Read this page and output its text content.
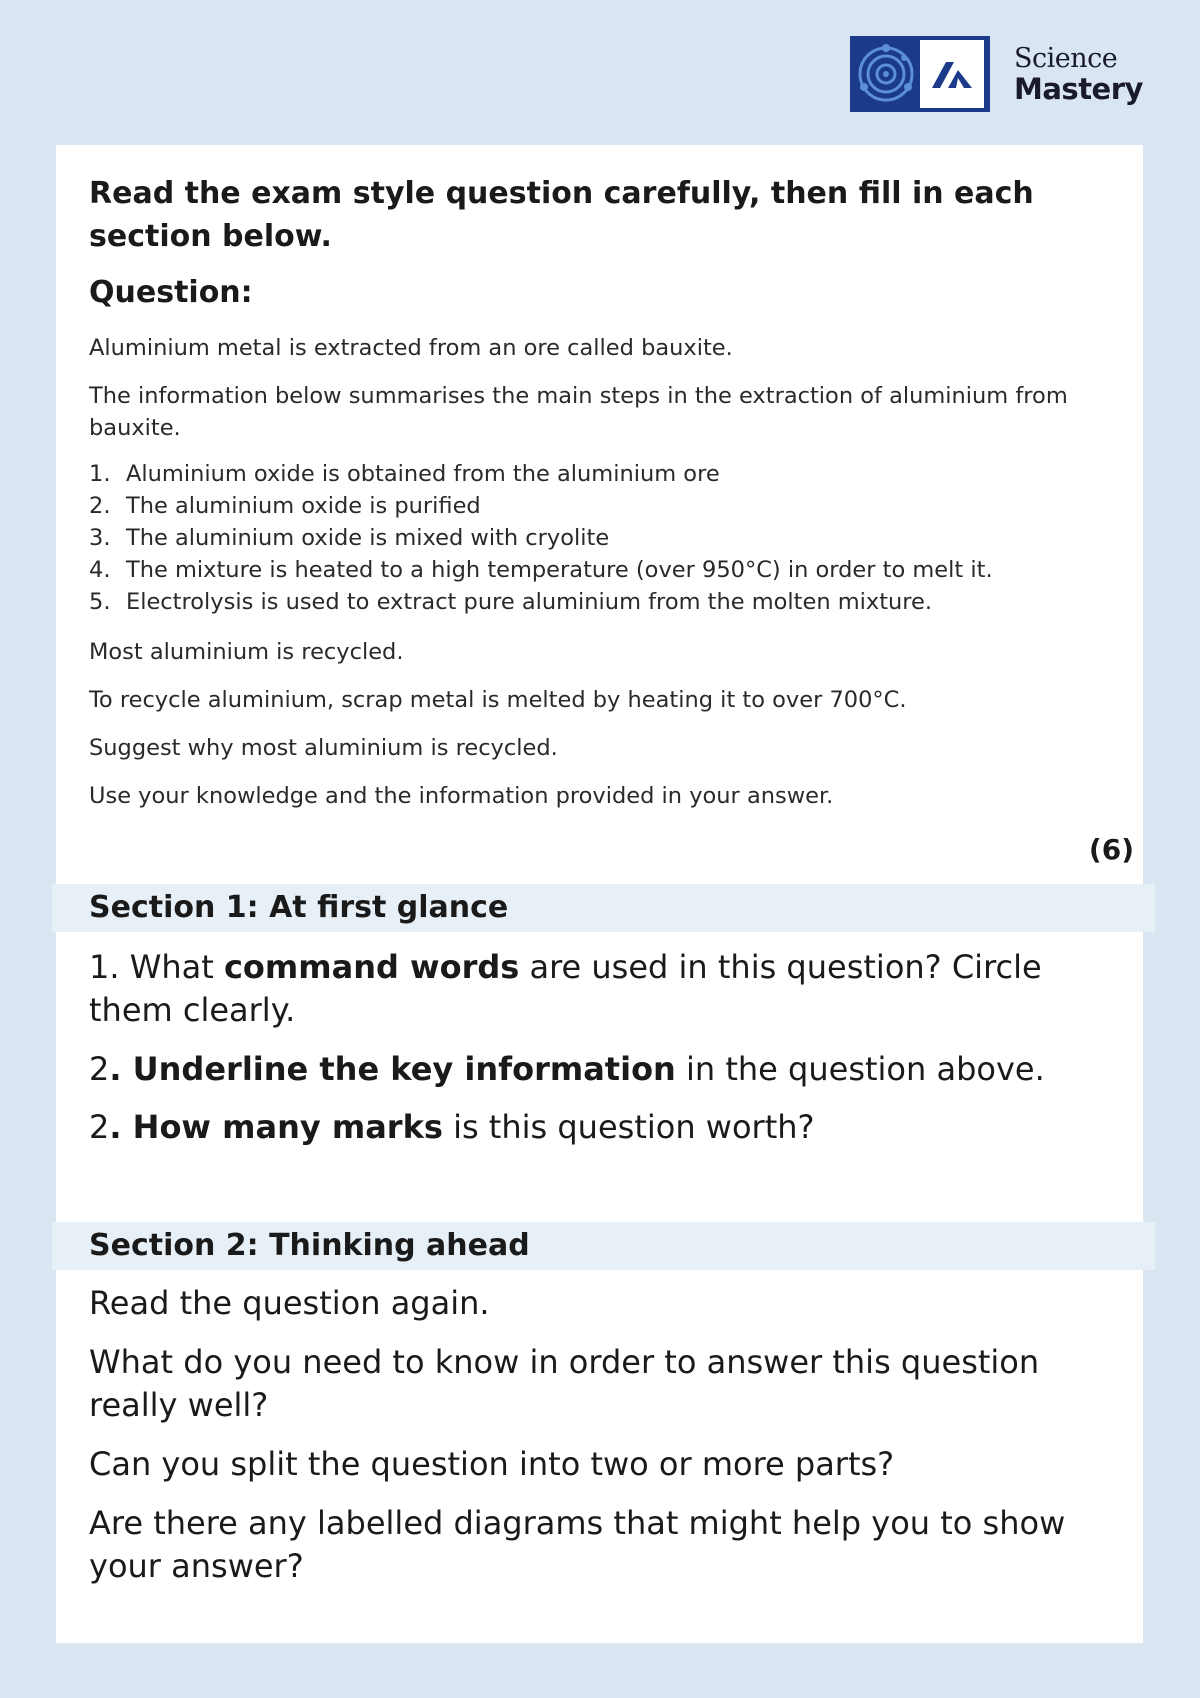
Science
Mastery
Read the exam style question carefully, then fill in each section below.
Question:

Aluminium metal is extracted from an ore called bauxite.

The information below summarises the main steps in the extraction of aluminium from bauxite.

1. Aluminium oxide is obtained from the aluminium ore
2. The aluminium oxide is purified
3. The aluminium oxide is mixed with cryolite
4. The mixture is heated to a high temperature (over 950°C) in order to melt it.
5. Electrolysis is used to extract pure aluminium from the molten mixture.

Most aluminium is recycled.

To recycle aluminium, scrap metal is melted by heating it to over 700°C.

Suggest why most aluminium is recycled.

Use your knowledge and the information provided in your answer.

(6)
Section 1: At first glance

1. What command words are used in this question? Circle them clearly.

2. Underline the key information in the question above.

2. How many marks is this question worth?

Section 2: Thinking ahead

Read the question again.

What do you need to know in order to answer this question really well?

Can you split the question into two or more parts?

Are there any labelled diagrams that might help you to show your answer?
